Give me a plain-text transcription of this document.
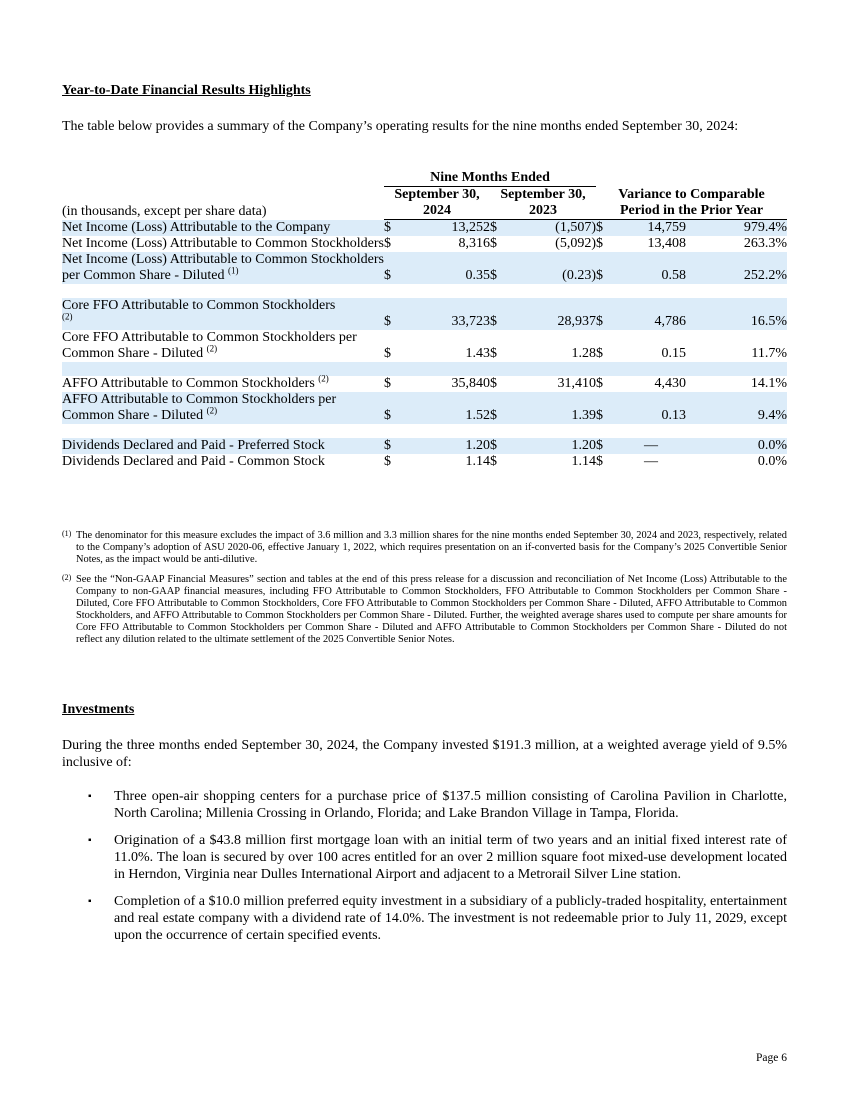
Year-to-Date Financial Results Highlights

The table below provides a summary of the Company’s operating results for the nine months ended September 30, 2024:

	Nine Months Ended						
	September 30,		September 30,		Variance to Comparable		
(in thousands, except per share data)	2024		2023		Period in the Prior Year		
Net Income (Loss) Attributable to the Company	$	13,252	$	(1,507)	$	14,759	979.4%
Net Income (Loss) Attributable to Common Stockholders	$	8,316	$	(5,092)	$	13,408	263.3%
Net Income (Loss) Attributable to Common Stockholders per Common Share - Diluted $^{(1)}$	$	0.35	$	(0.23)	$	0.58	252.2%

Core FFO Attributable to Common Stockholders
$^{(2)}$	$	33,723	$	28,937	$	4,786	16.5%
Core FFO Attributable to Common Stockholders per Common Share - Diluted $^{(2)}$	$	1.43	$	1.28	$	0.15	11.7%

AFFO Attributable to Common Stockholders $^{(2)}$	$	35,840	$	31,410	$	4,430	14.1%
AFFO Attributable to Common Stockholders per Common Share - Diluted $^{(2)}$	$	1.52	$	1.39	$	0.13	9.4%

Dividends Declared and Paid - Preferred Stock	$	1.20	$	1.20	$	—	0.0%
Dividends Declared and Paid - Common Stock	$	1.14	$	1.14	$	—	0.0%
(1) The denominator for this measure excludes the impact of 3.6 million and 3.3 million shares for the nine months ended September 30, 2024 and 2023, respectively, related to the Company’s adoption of ASU 2020-06, effective January 1, 2022, which requires presentation on an if-converted basis for the Company’s 2025 Convertible Senior Notes, as the impact would be anti-dilutive.
(2) See the “Non-GAAP Financial Measures” section and tables at the end of this press release for a discussion and reconciliation of Net Income (Loss) Attributable to the Company to non-GAAP financial measures, including FFO Attributable to Common Stockholders, FFO Attributable to Common Stockholders per Common Share - Diluted, Core FFO Attributable to Common Stockholders, Core FFO Attributable to Common Stockholders per Common Share - Diluted, AFFO Attributable to Common Stockholders, and AFFO Attributable to Common Stockholders per Common Share - Diluted. Further, the weighted average shares used to compute per share amounts for Core FFO Attributable to Common Stockholders per Common Share - Diluted and AFFO Attributable to Common Stockholders per Common Share - Diluted do not reflect any dilution related to the ultimate settlement of the 2025 Convertible Senior Notes.
Investments

During the three months ended September 30, 2024, the Company invested $191.3 million, at a weighted average yield of 9.5% inclusive of:

▪ Three open-air shopping centers for a purchase price of $137.5 million consisting of Carolina Pavilion in Charlotte, North Carolina; Millenia Crossing in Orlando, Florida; and Lake Brandon Village in Tampa, Florida.
▪ Origination of a $43.8 million first mortgage loan with an initial term of two years and an initial fixed interest rate of 11.0%. The loan is secured by over 100 acres entitled for an over 2 million square foot mixed-use development located in Herndon, Virginia near Dulles International Airport and adjacent to a Metrorail Silver Line station.
▪ Completion of a $10.0 million preferred equity investment in a subsidiary of a publicly-traded hospitality, entertainment and real estate company with a dividend rate of 14.0%. The investment is not redeemable prior to July 11, 2029, except upon the occurrence of certain specified events.
Page 6
